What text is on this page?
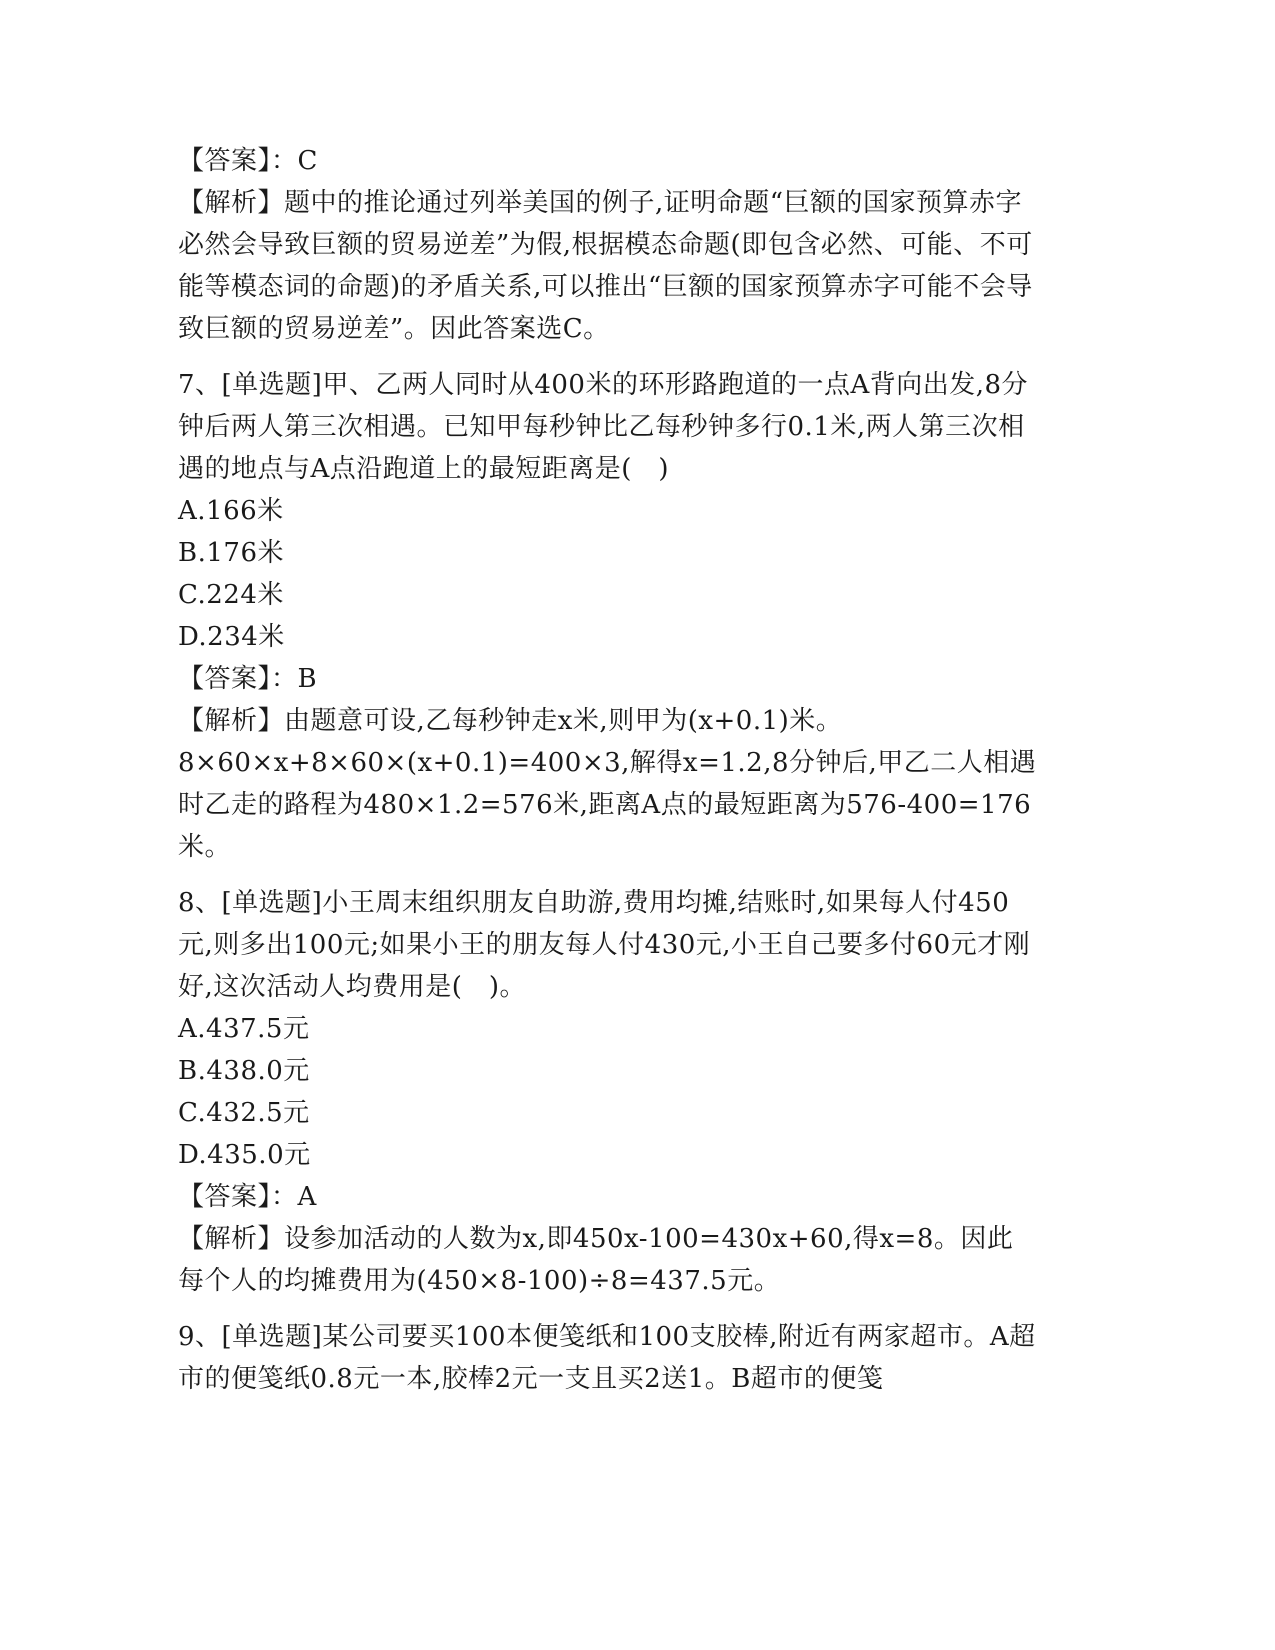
【答案】：C

【解析】题中的推论通过列举美国的例子,证明命题“巨额的国家预算赤字必然会导致巨额的贸易逆差”为假,根据模态命题(即包含必然、可能、不可能等模态词的命题)的矛盾关系,可以推出“巨额的国家预算赤字可能不会导致巨额的贸易逆差”。因此答案选C。

7、[单选题]甲、乙两人同时从400米的环形路跑道的一点A背向出发,8分钟后两人第三次相遇。已知甲每秒钟比乙每秒钟多行0.1米,两人第三次相遇的地点与A点沿跑道上的最短距离是(　)

A.166米

B.176米

C.224米

D.234米

【答案】：B

【解析】由题意可设,乙每秒钟走x米,则甲为(x+0.1)米。

8×60×x+8×60×(x+0.1)=400×3,解得x=1.2,8分钟后,甲乙二人相遇时乙走的路程为480×1.2=576米,距离A点的最短距离为576-400=176米。

8、[单选题]小王周末组织朋友自助游,费用均摊,结账时,如果每人付450元,则多出100元;如果小王的朋友每人付430元,小王自己要多付60元才刚好,这次活动人均费用是(　)。

A.437.5元

B.438.0元

C.432.5元

D.435.0元

【答案】：A

【解析】设参加活动的人数为x,即450x-100=430x+60,得x=8。因此每个人的均摊费用为(450×8-100)÷8=437.5元。

9、[单选题]某公司要买100本便笺纸和100支胶棒,附近有两家超市。A超市的便笺纸0.8元一本,胶棒2元一支且买2送1。B超市的便笺
